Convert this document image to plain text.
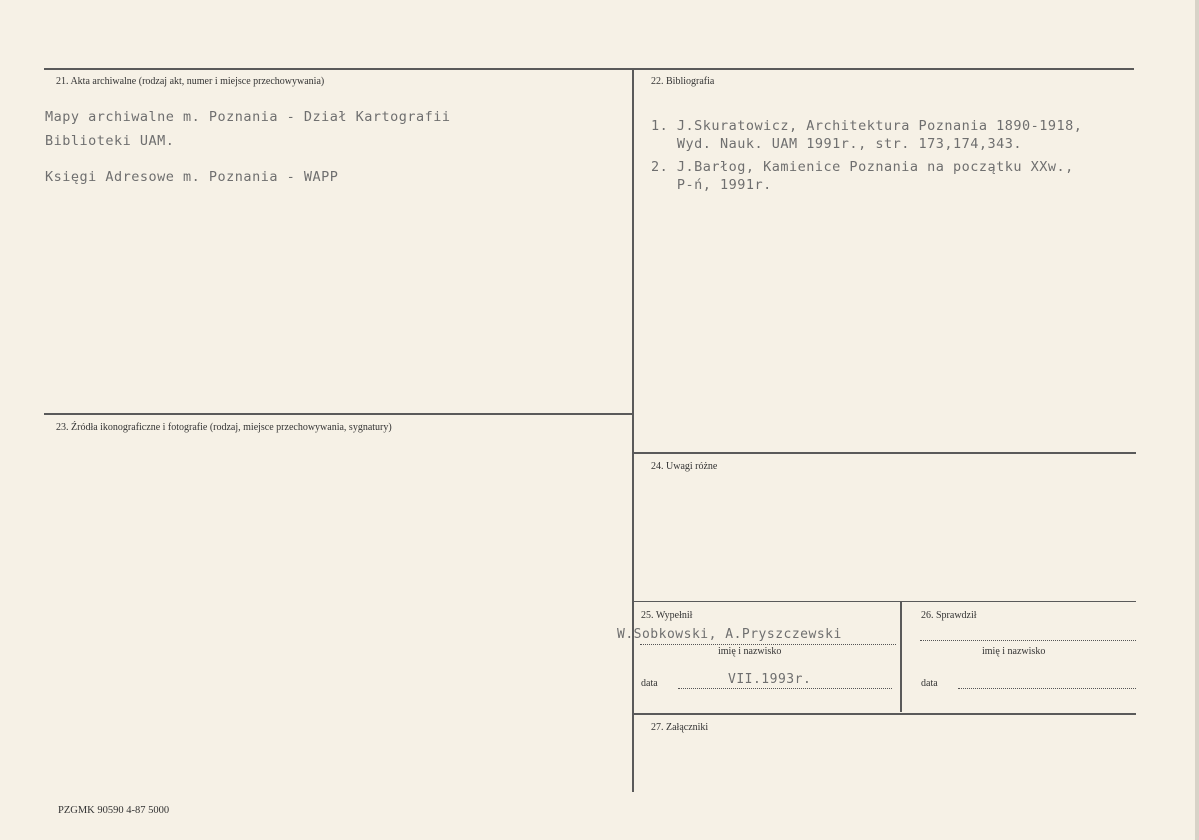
21. Akta archiwalne (rodzaj akt, numer i miejsce przechowywania)
Mapy archiwalne m. Poznania - Dział Kartografii
Biblioteki UAM.
Księgi Adresowe m. Poznania - WAPP
22. Bibliografia
1. J.Skuratowicz, Architektura Poznania 1890-1918,
Wyd. Nauk. UAM 1991r., str. 173,174,343.
2. J.Barłog, Kamienice Poznania na początku XXw.,
P-ń, 1991r.
23. Źródła ikonograficzne i fotografie (rodzaj, miejsce przechowywania, sygnatury)
24. Uwagi różne
25. Wypełnił
W.Sobkowski, A.Pryszczewski
imię i nazwisko
data	VII.1993r.
26. Sprawdził
imię i nazwisko
data
27. Załączniki
PZGMK 90590 4-87 5000
